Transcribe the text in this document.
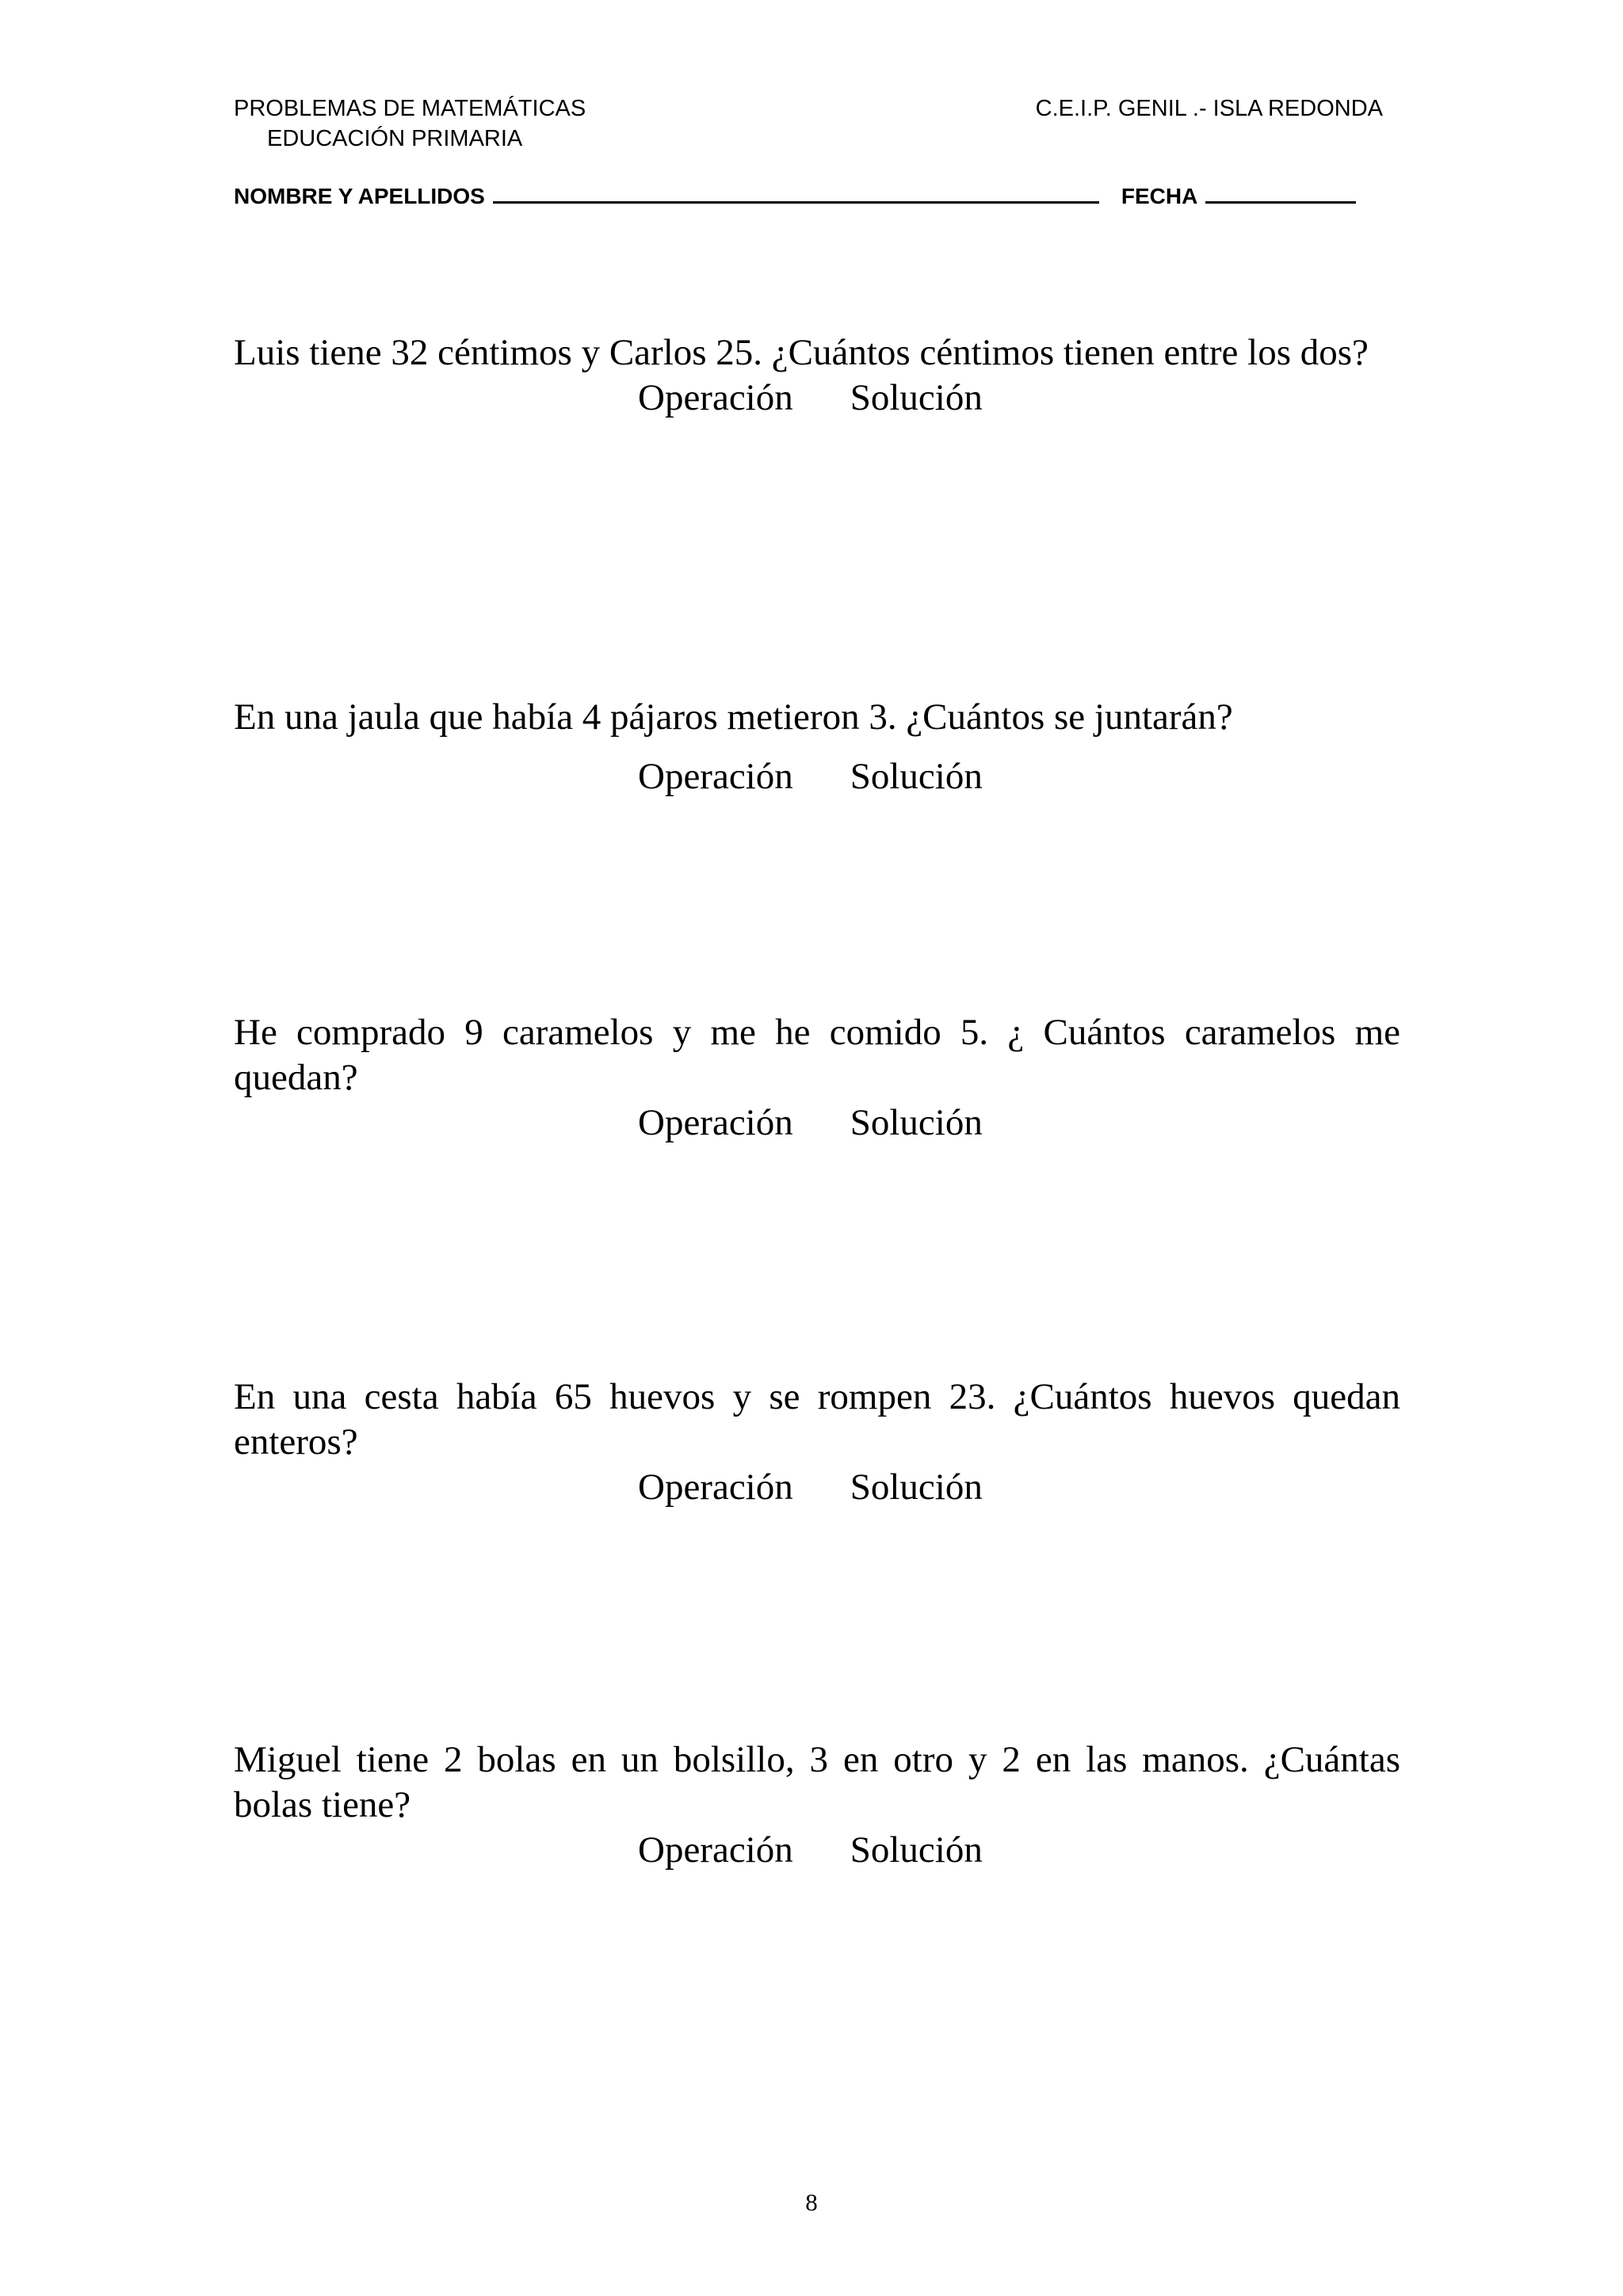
PROBLEMAS DE MATEMÁTICAS
EDUCACIÓN PRIMARIA
C.E.I.P. GENIL .- ISLA REDONDA
NOMBRE Y APELLIDOS	FECHA
Luis tiene 32 céntimos y Carlos 25. ¿Cuántos céntimos tienen entre los dos?
Operación Solución
En una jaula que había 4 pájaros metieron 3. ¿Cuántos se juntarán?
Operación Solución
He comprado 9 caramelos y me he comido 5. ¿ Cuántos caramelos me quedan?
Operación Solución
En una cesta había 65 huevos y se rompen 23. ¿Cuántos huevos quedan enteros?
Operación Solución
Miguel tiene 2 bolas en un bolsillo, 3 en otro y 2 en las manos. ¿Cuántas bolas tiene?
Operación Solución
8
